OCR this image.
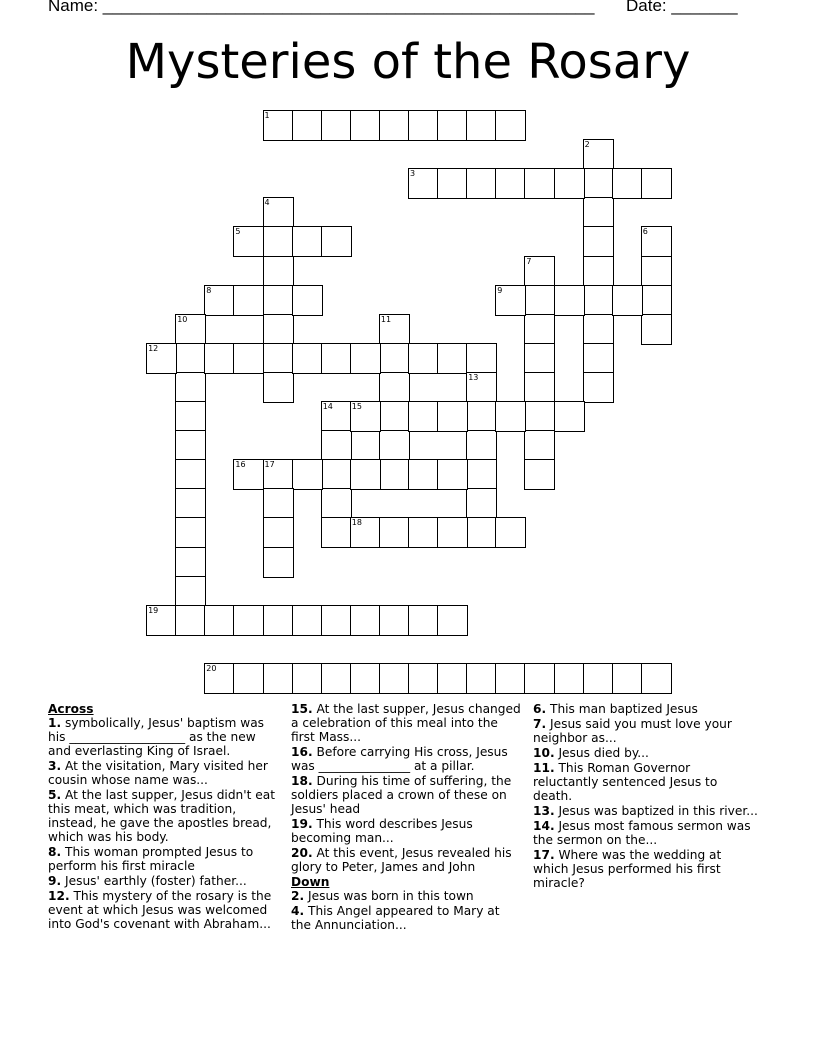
Name: ____________________________________________________ Date: _______
Mysteries of the Rosary
1
2
3
4
5	6
7
8	9
10	11
12
13
14 15
16 17
18
19
20
Across
1. symbolically, Jesus' baptism was his ___________________ as the new and everlasting King of Israel.
3. At the visitation, Mary visited her cousin whose name was...
5. At the last supper, Jesus didn't eat this meat, which was tradition, instead, he gave the apostles bread, which was his body.
8. This woman prompted Jesus to perform his first miracle
9. Jesus' earthly (foster) father...
12. This mystery of the rosary is the event at which Jesus was welcomed into God's covenant with Abraham...
15. At the last supper, Jesus changed a celebration of this meal into the first Mass...
16. Before carrying His cross, Jesus was _______________ at a pillar.
18. During his time of suffering, the soldiers placed a crown of these on Jesus' head
19. This word describes Jesus becoming man...
20. At this event, Jesus revealed his glory to Peter, James and John
Down
2. Jesus was born in this town
4. This Angel appeared to Mary at the Annunciation...
6. This man baptized Jesus
7. Jesus said you must love your neighbor as...
10. Jesus died by...
11. This Roman Governor reluctantly sentenced Jesus to death.
13. Jesus was baptized in this river...
14. Jesus most famous sermon was the sermon on the...
17. Where was the wedding at which Jesus performed his first miracle?
